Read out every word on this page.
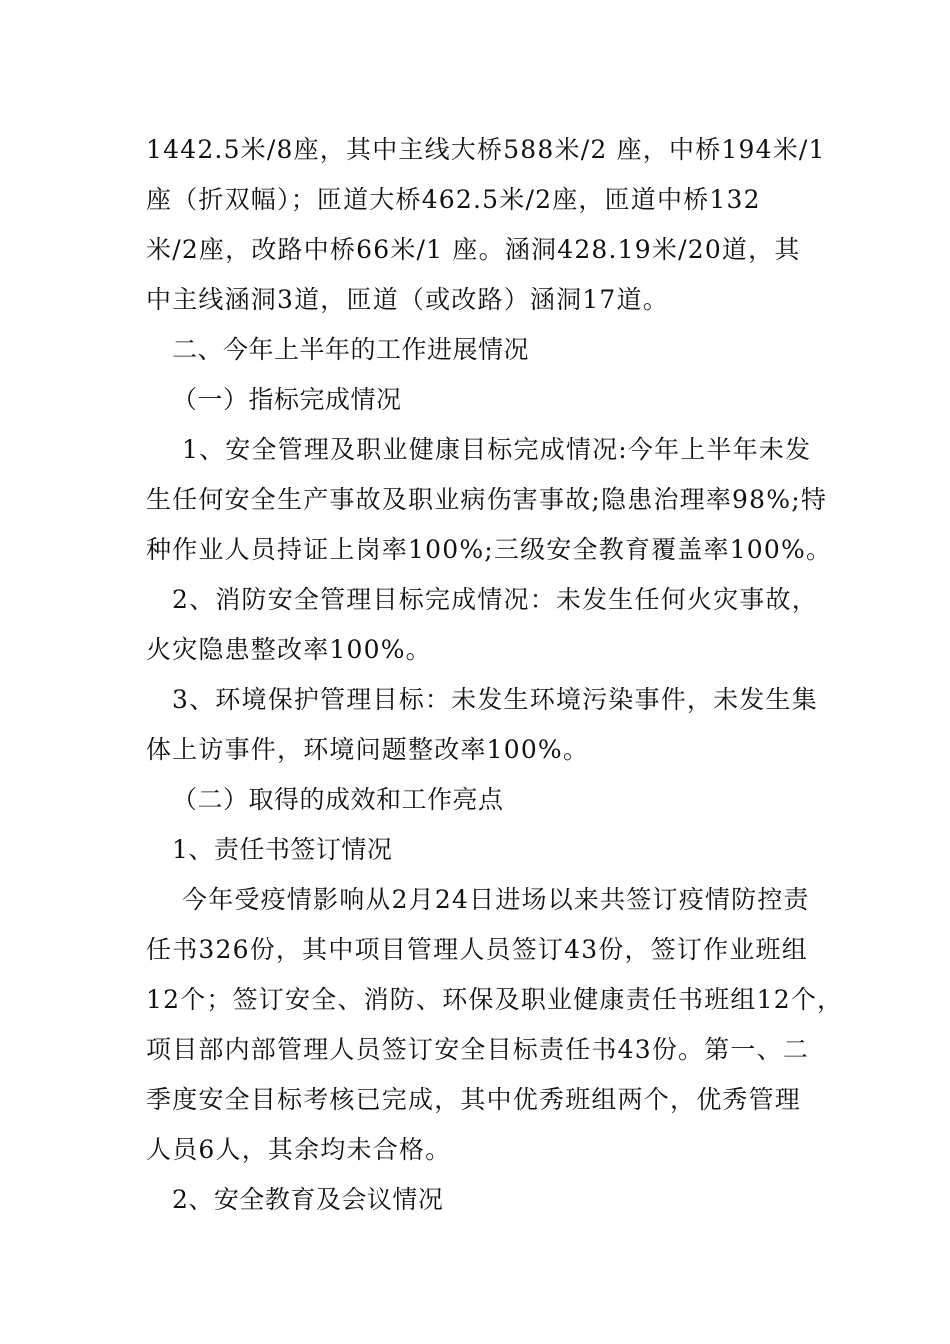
1442.5米/8座，其中主线大桥588米/2 座，中桥194米/1
座（折双幅）；匝道大桥462.5米/2座，匝道中桥132
米/2座，改路中桥66米/1 座。涵洞428.19米/20道，其
中主线涵洞3道，匝道（或改路）涵洞17道。
二、今年上半年的工作进展情况
（一）指标完成情况
1、安全管理及职业健康目标完成情况:今年上半年未发
生任何安全生产事故及职业病伤害事故;隐患治理率98%;特
种作业人员持证上岗率100%;三级安全教育覆盖率100%。
2、消防安全管理目标完成情况：未发生任何火灾事故，
火灾隐患整改率100%。
3、环境保护管理目标：未发生环境污染事件，未发生集
体上访事件，环境问题整改率100%。
（二）取得的成效和工作亮点
1、责任书签订情况
今年受疫情影响从2月24日进场以来共签订疫情防控责
任书326份，其中项目管理人员签订43份，签订作业班组
12个；签订安全、消防、环保及职业健康责任书班组12个，
项目部内部管理人员签订安全目标责任书43份。第一、二
季度安全目标考核已完成，其中优秀班组两个，优秀管理
人员6人，其余均未合格。
2、安全教育及会议情况
